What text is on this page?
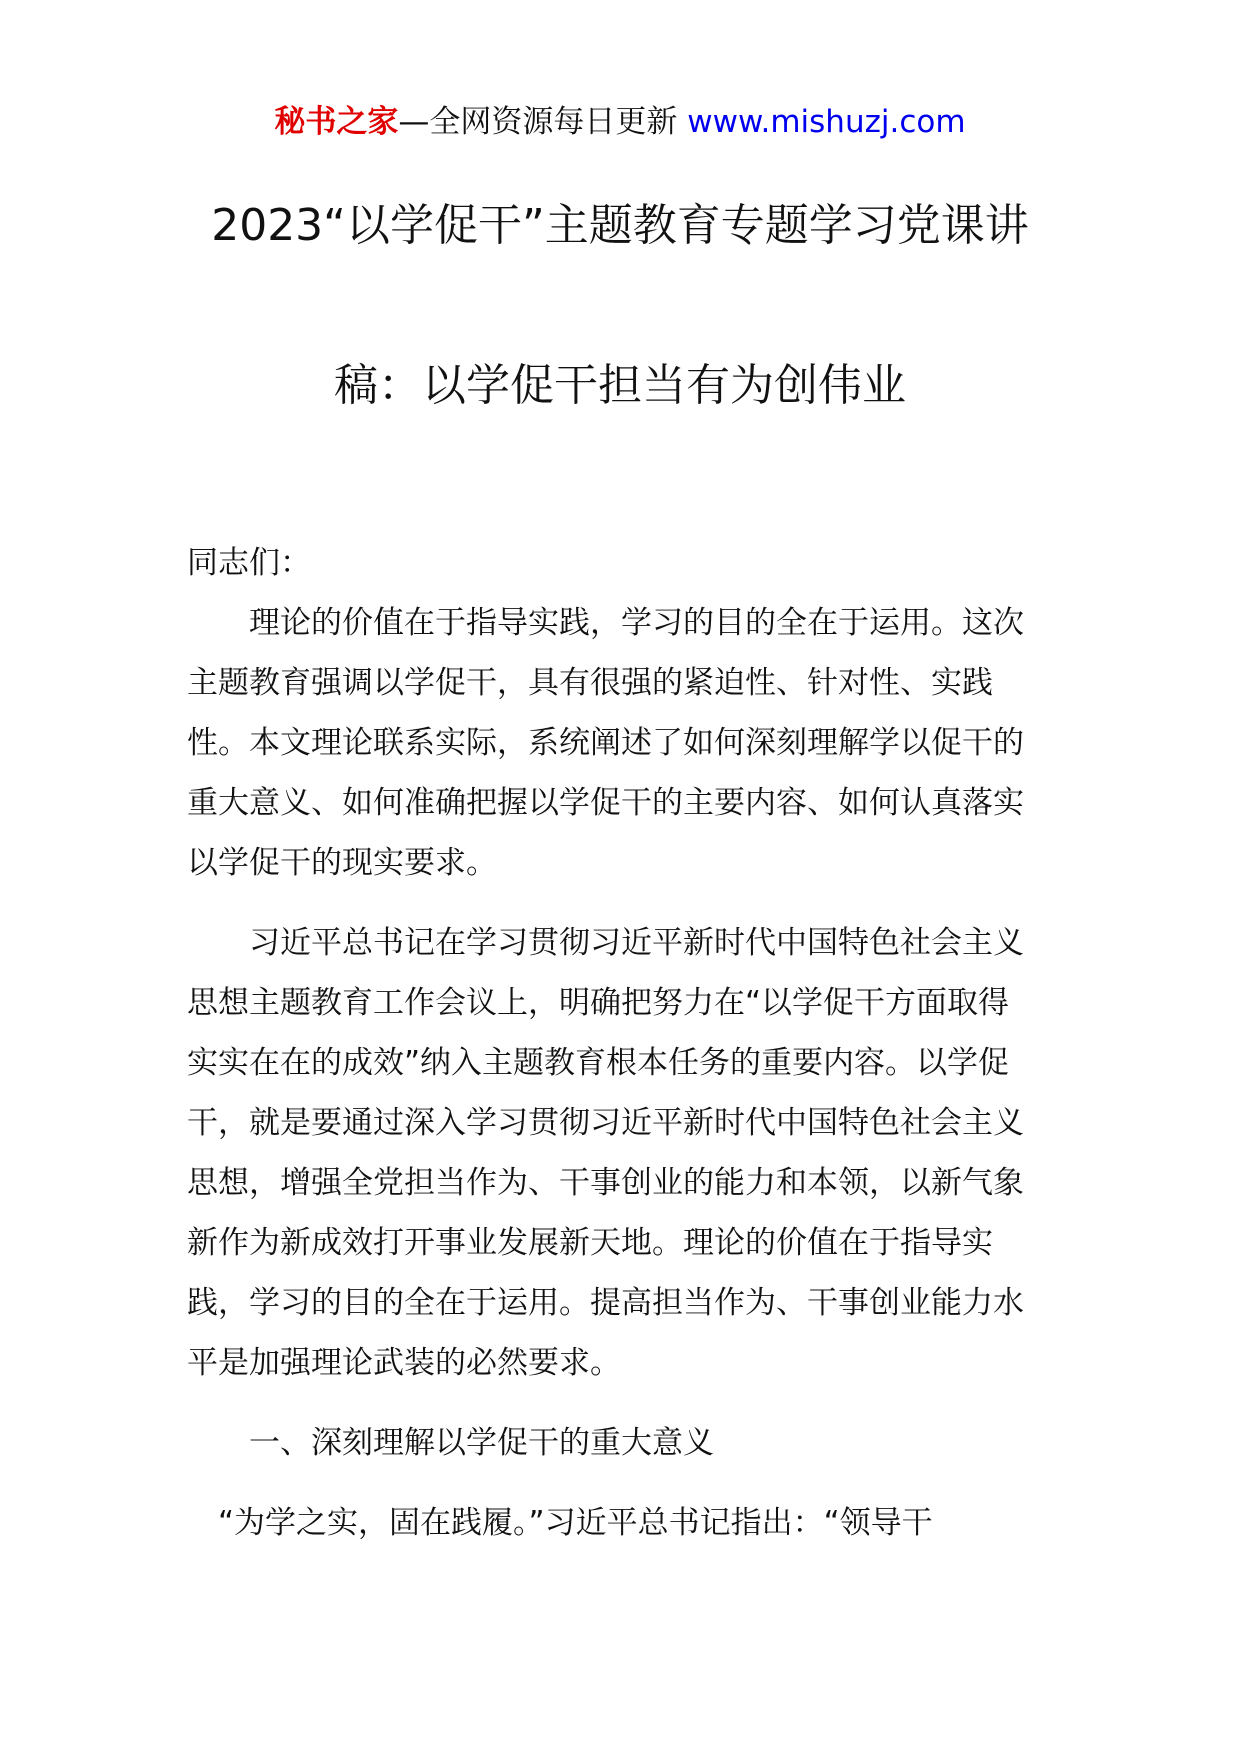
秘书之家—全网资源每日更新 www.mishuzj.com
2023“以学促干”主题教育专题学习党课讲
稿：以学促干担当有为创伟业
同志们：
　　理论的价值在于指导实践，学习的目的全在于运用。这次
主题教育强调以学促干，具有很强的紧迫性、针对性、实践
性。本文理论联系实际，系统阐述了如何深刻理解学以促干的
重大意义、如何准确把握以学促干的主要内容、如何认真落实
以学促干的现实要求。
　　习近平总书记在学习贯彻习近平新时代中国特色社会主义
思想主题教育工作会议上，明确把努力在“以学促干方面取得
实实在在的成效”纳入主题教育根本任务的重要内容。以学促
干，就是要通过深入学习贯彻习近平新时代中国特色社会主义
思想，增强全党担当作为、干事创业的能力和本领，以新气象
新作为新成效打开事业发展新天地。理论的价值在于指导实
践，学习的目的全在于运用。提高担当作为、干事创业能力水
平是加强理论武装的必然要求。
　　一、深刻理解以学促干的重大意义
　“为学之实，固在践履。”习近平总书记指出：“领导干
